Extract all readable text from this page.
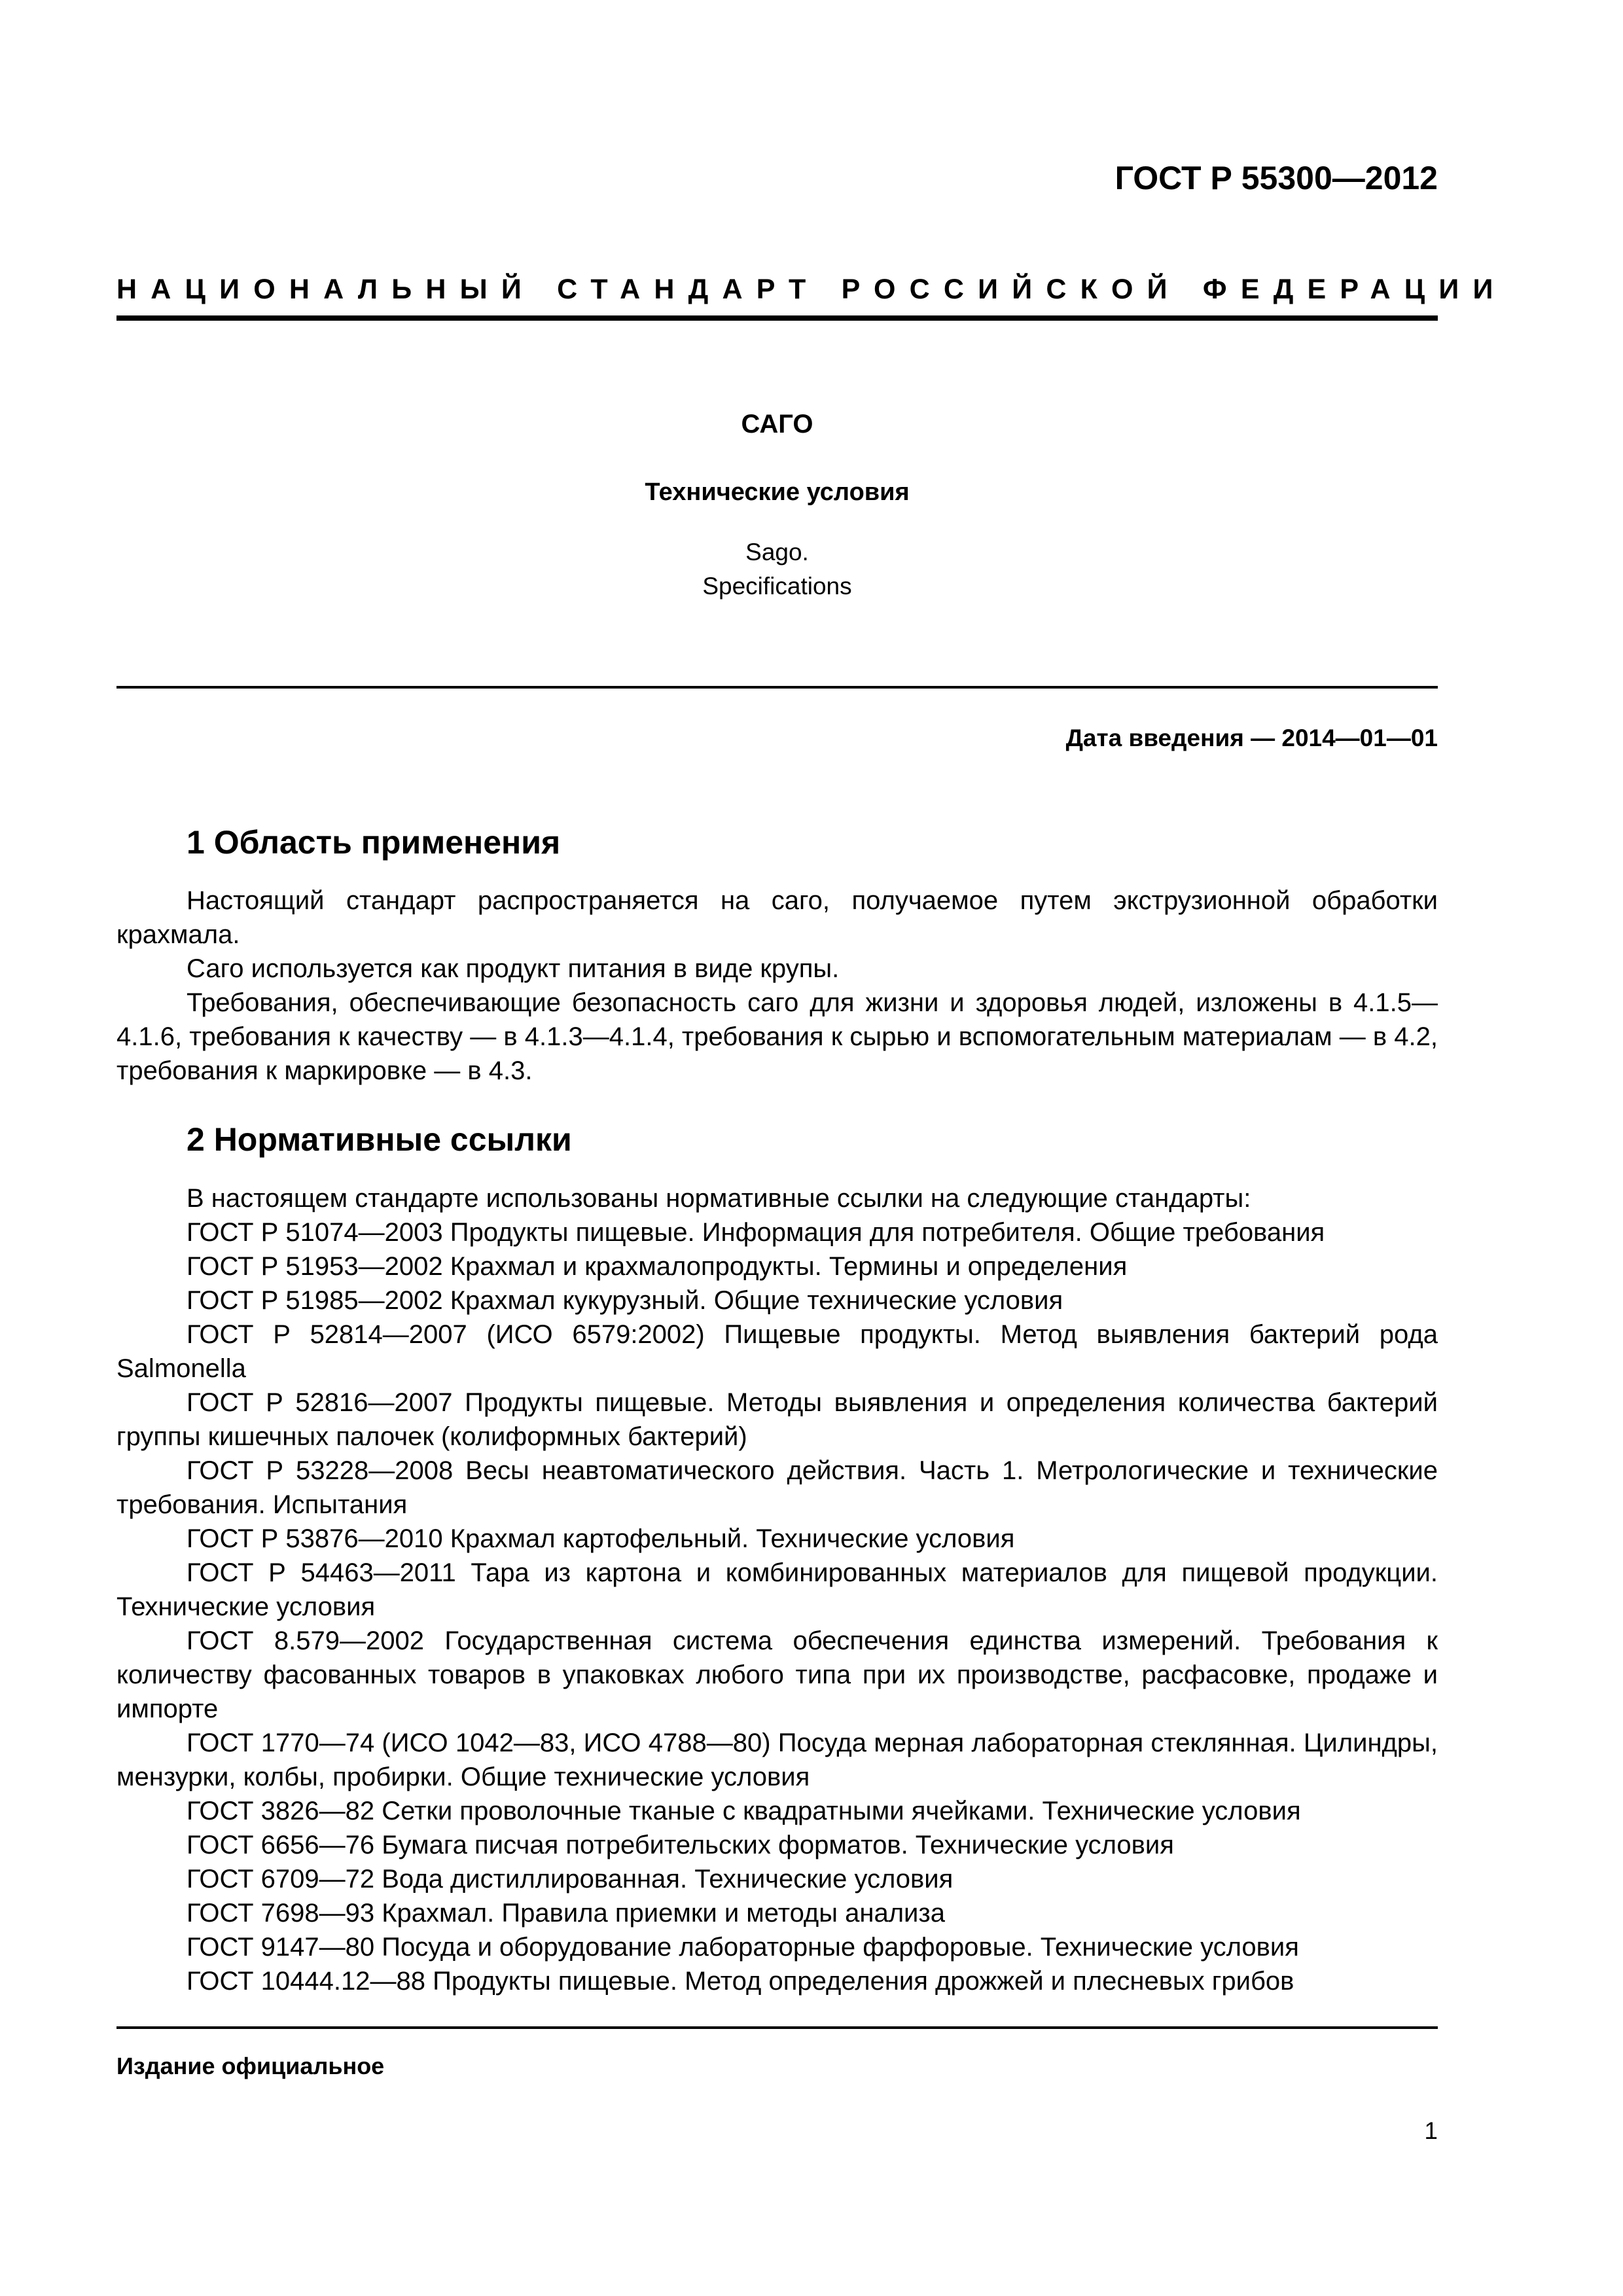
ГОСТ Р 55300—2012
НАЦИОНАЛЬНЫЙ СТАНДАРТ РОССИЙСКОЙ ФЕДЕРАЦИИ
САГО
Технические условия
Sago.
Specifications
Дата введения — 2014—01—01
1 Область применения

Настоящий стандарт распространяется на саго, получаемое путем экструзионной обработки крахмала.

Саго используется как продукт питания в виде крупы.

Требования, обеспечивающие безопасность саго для жизни и здоровья людей, изложены в 4.1.5—4.1.6, требования к качеству — в 4.1.3—4.1.4, требования к сырью и вспомогательным материалам — в 4.2, требования к маркировке — в 4.3.

2 Нормативные ссылки

В настоящем стандарте использованы нормативные ссылки на следующие стандарты:

ГОСТ Р 51074—2003 Продукты пищевые. Информация для потребителя. Общие требования

ГОСТ Р 51953—2002 Крахмал и крахмалопродукты. Термины и определения

ГОСТ Р 51985—2002 Крахмал кукурузный. Общие технические условия

ГОСТ Р 52814—2007 (ИСО 6579:2002) Пищевые продукты. Метод выявления бактерий рода Salmonella

ГОСТ Р 52816—2007 Продукты пищевые. Методы выявления и определения количества бактерий группы кишечных палочек (колиформных бактерий)

ГОСТ Р 53228—2008 Весы неавтоматического действия. Часть 1. Метрологические и технические требования. Испытания

ГОСТ Р 53876—2010 Крахмал картофельный. Технические условия

ГОСТ Р 54463—2011 Тара из картона и комбинированных материалов для пищевой продукции. Технические условия

ГОСТ 8.579—2002 Государственная система обеспечения единства измерений. Требования к количеству фасованных товаров в упаковках любого типа при их производстве, расфасовке, продаже и импорте

ГОСТ 1770—74 (ИСО 1042—83, ИСО 4788—80) Посуда мерная лабораторная стеклянная. Цилиндры, мензурки, колбы, пробирки. Общие технические условия

ГОСТ 3826—82 Сетки проволочные тканые с квадратными ячейками. Технические условия

ГОСТ 6656—76 Бумага писчая потребительских форматов. Технические условия

ГОСТ 6709—72 Вода дистиллированная. Технические условия

ГОСТ 7698—93 Крахмал. Правила приемки и методы анализа

ГОСТ 9147—80 Посуда и оборудование лабораторные фарфоровые. Технические условия

ГОСТ 10444.12—88 Продукты пищевые. Метод определения дрожжей и плесневых грибов

Издание официальное
1
